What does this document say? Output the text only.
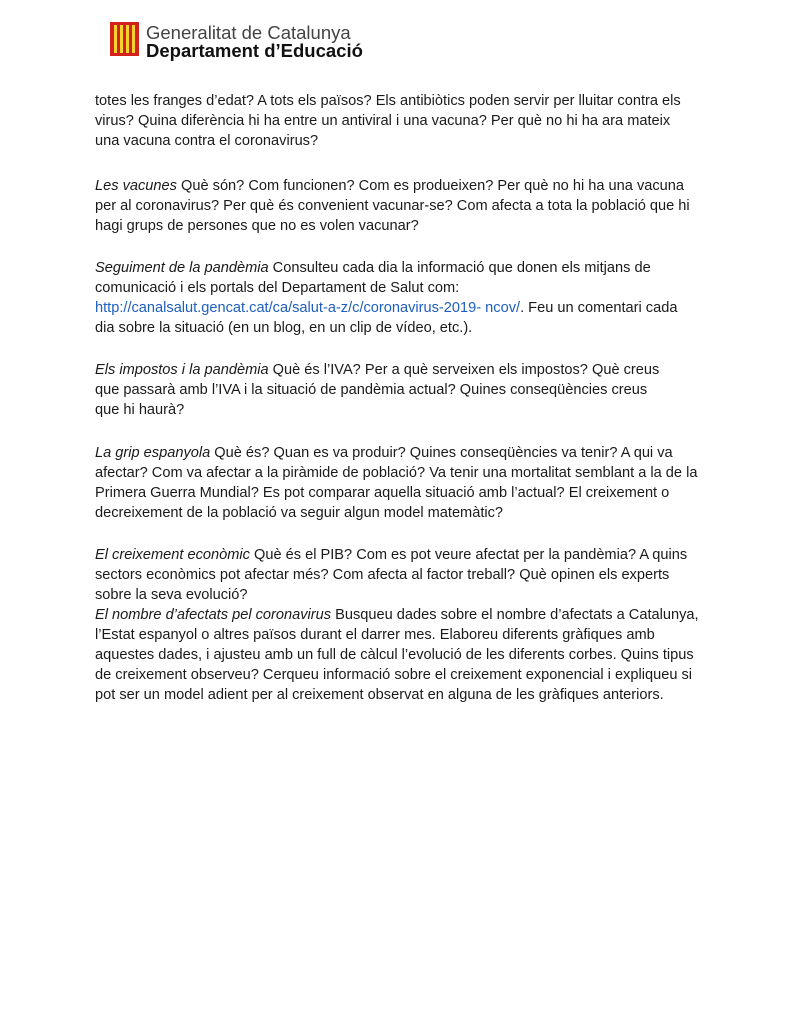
Generalitat de Catalunya
Departament d’Educació
totes les franges d’edat? A tots els països? Els antibiòtics poden servir per lluitar contra els
virus? Quina diferència hi ha entre un antiviral i una vacuna? Per què no hi ha ara mateix
una vacuna contra el coronavirus?
Les vacunes Què són? Com funcionen? Com es produeixen? Per què no hi ha una vacuna
per al coronavirus? Per què és convenient vacunar-se? Com afecta a tota la població que hi
hagi grups de persones que no es volen vacunar?
Seguiment de la pandèmia Consulteu cada dia la informació que donen els mitjans de
comunicació i els portals del Departament de Salut com:
http://canalsalut.gencat.cat/ca/salut-a-z/c/coronavirus-2019- ncov/. Feu un comentari cada
dia sobre la situació (en un blog, en un clip de vídeo, etc.).
Els impostos i la pandèmia Què és l’IVA? Per a què serveixen els impostos? Què creus
que passarà amb l’IVA i la situació de pandèmia actual? Quines conseqüències creus
que hi haurà?
La grip espanyola Què és? Quan es va produir? Quines conseqüències va tenir? A qui va
afectar? Com va afectar a la piràmide de població? Va tenir una mortalitat semblant a la de la
Primera Guerra Mundial? Es pot comparar aquella situació amb l’actual? El creixement o
decreixement de la població va seguir algun model matemàtic?
El creixement econòmic Què és el PIB? Com es pot veure afectat per la pandèmia? A quins
sectors econòmics pot afectar més? Com afecta al factor treball? Què opinen els experts
sobre la seva evolució?
El nombre d’afectats pel coronavirus Busqueu dades sobre el nombre d’afectats a Catalunya,
l’Estat espanyol o altres països durant el darrer mes. Elaboreu diferents gràfiques amb
aquestes dades, i ajusteu amb un full de càlcul l’evolució de les diferents corbes. Quins tipus
de creixement observeu? Cerqueu informació sobre el creixement exponencial i expliqueu si
pot ser un model adient per al creixement observat en alguna de les gràfiques anteriors.
